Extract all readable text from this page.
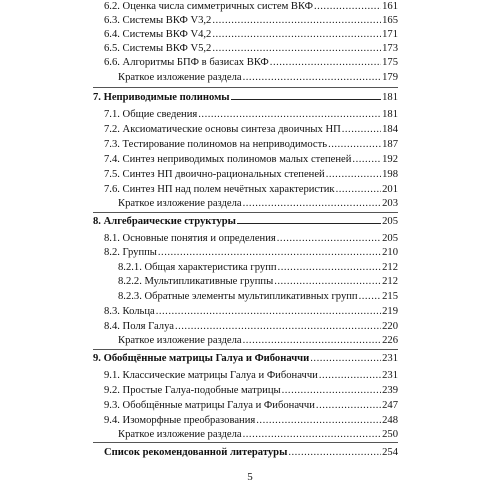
6.2. Оценка числа симметричных систем ВКФ .....	161
6.3. Системы ВКФ V3,2 .....	165
6.4. Системы ВКФ V4,2 .....	171
6.5. Системы ВКФ V5,2 .....	173
6.6. Алгоритмы БПФ в базисах ВКФ .....	175
Краткое изложение раздела .....	179
7. Неприводимые полиномы	181
7.1. Общие сведения .....	181
7.2. Аксиоматические основы синтеза двоичных НП .....	184
7.3. Тестирование полиномов на неприводимость .....	187
7.4. Синтез неприводимых полиномов малых степеней .....	192
7.5. Синтез НП двоично-рациональных степеней .....	198
7.6. Синтез НП над полем нечётных характеристик .....	201
Краткое изложение раздела .....	203
8. Алгебраические структуры	205
8.1. Основные понятия и определения .....	205
8.2. Группы .....	210
8.2.1. Общая характеристика групп .....	212
8.2.2. Мультипликативные группы .....	212
8.2.3. Обратные элементы мультипликативных групп ..... 215
8.3. Кольца .....	219
8.4. Поля Галуа .....	220
Краткое изложение раздела .....	226
9. Обобщённые матрицы Галуа и Фибоначчи .....	231
9.1. Классические матрицы Галуа и Фибоначчи .....	231
9.2. Простые Галуа-подобные матрицы .....	239
9.3. Обобщённые матрицы Галуа и Фибоначчи .....	247
9.4. Изоморфные преобразования .....	248
Краткое изложение раздела .....	250
Список рекомендованной литературы .....	254
5
